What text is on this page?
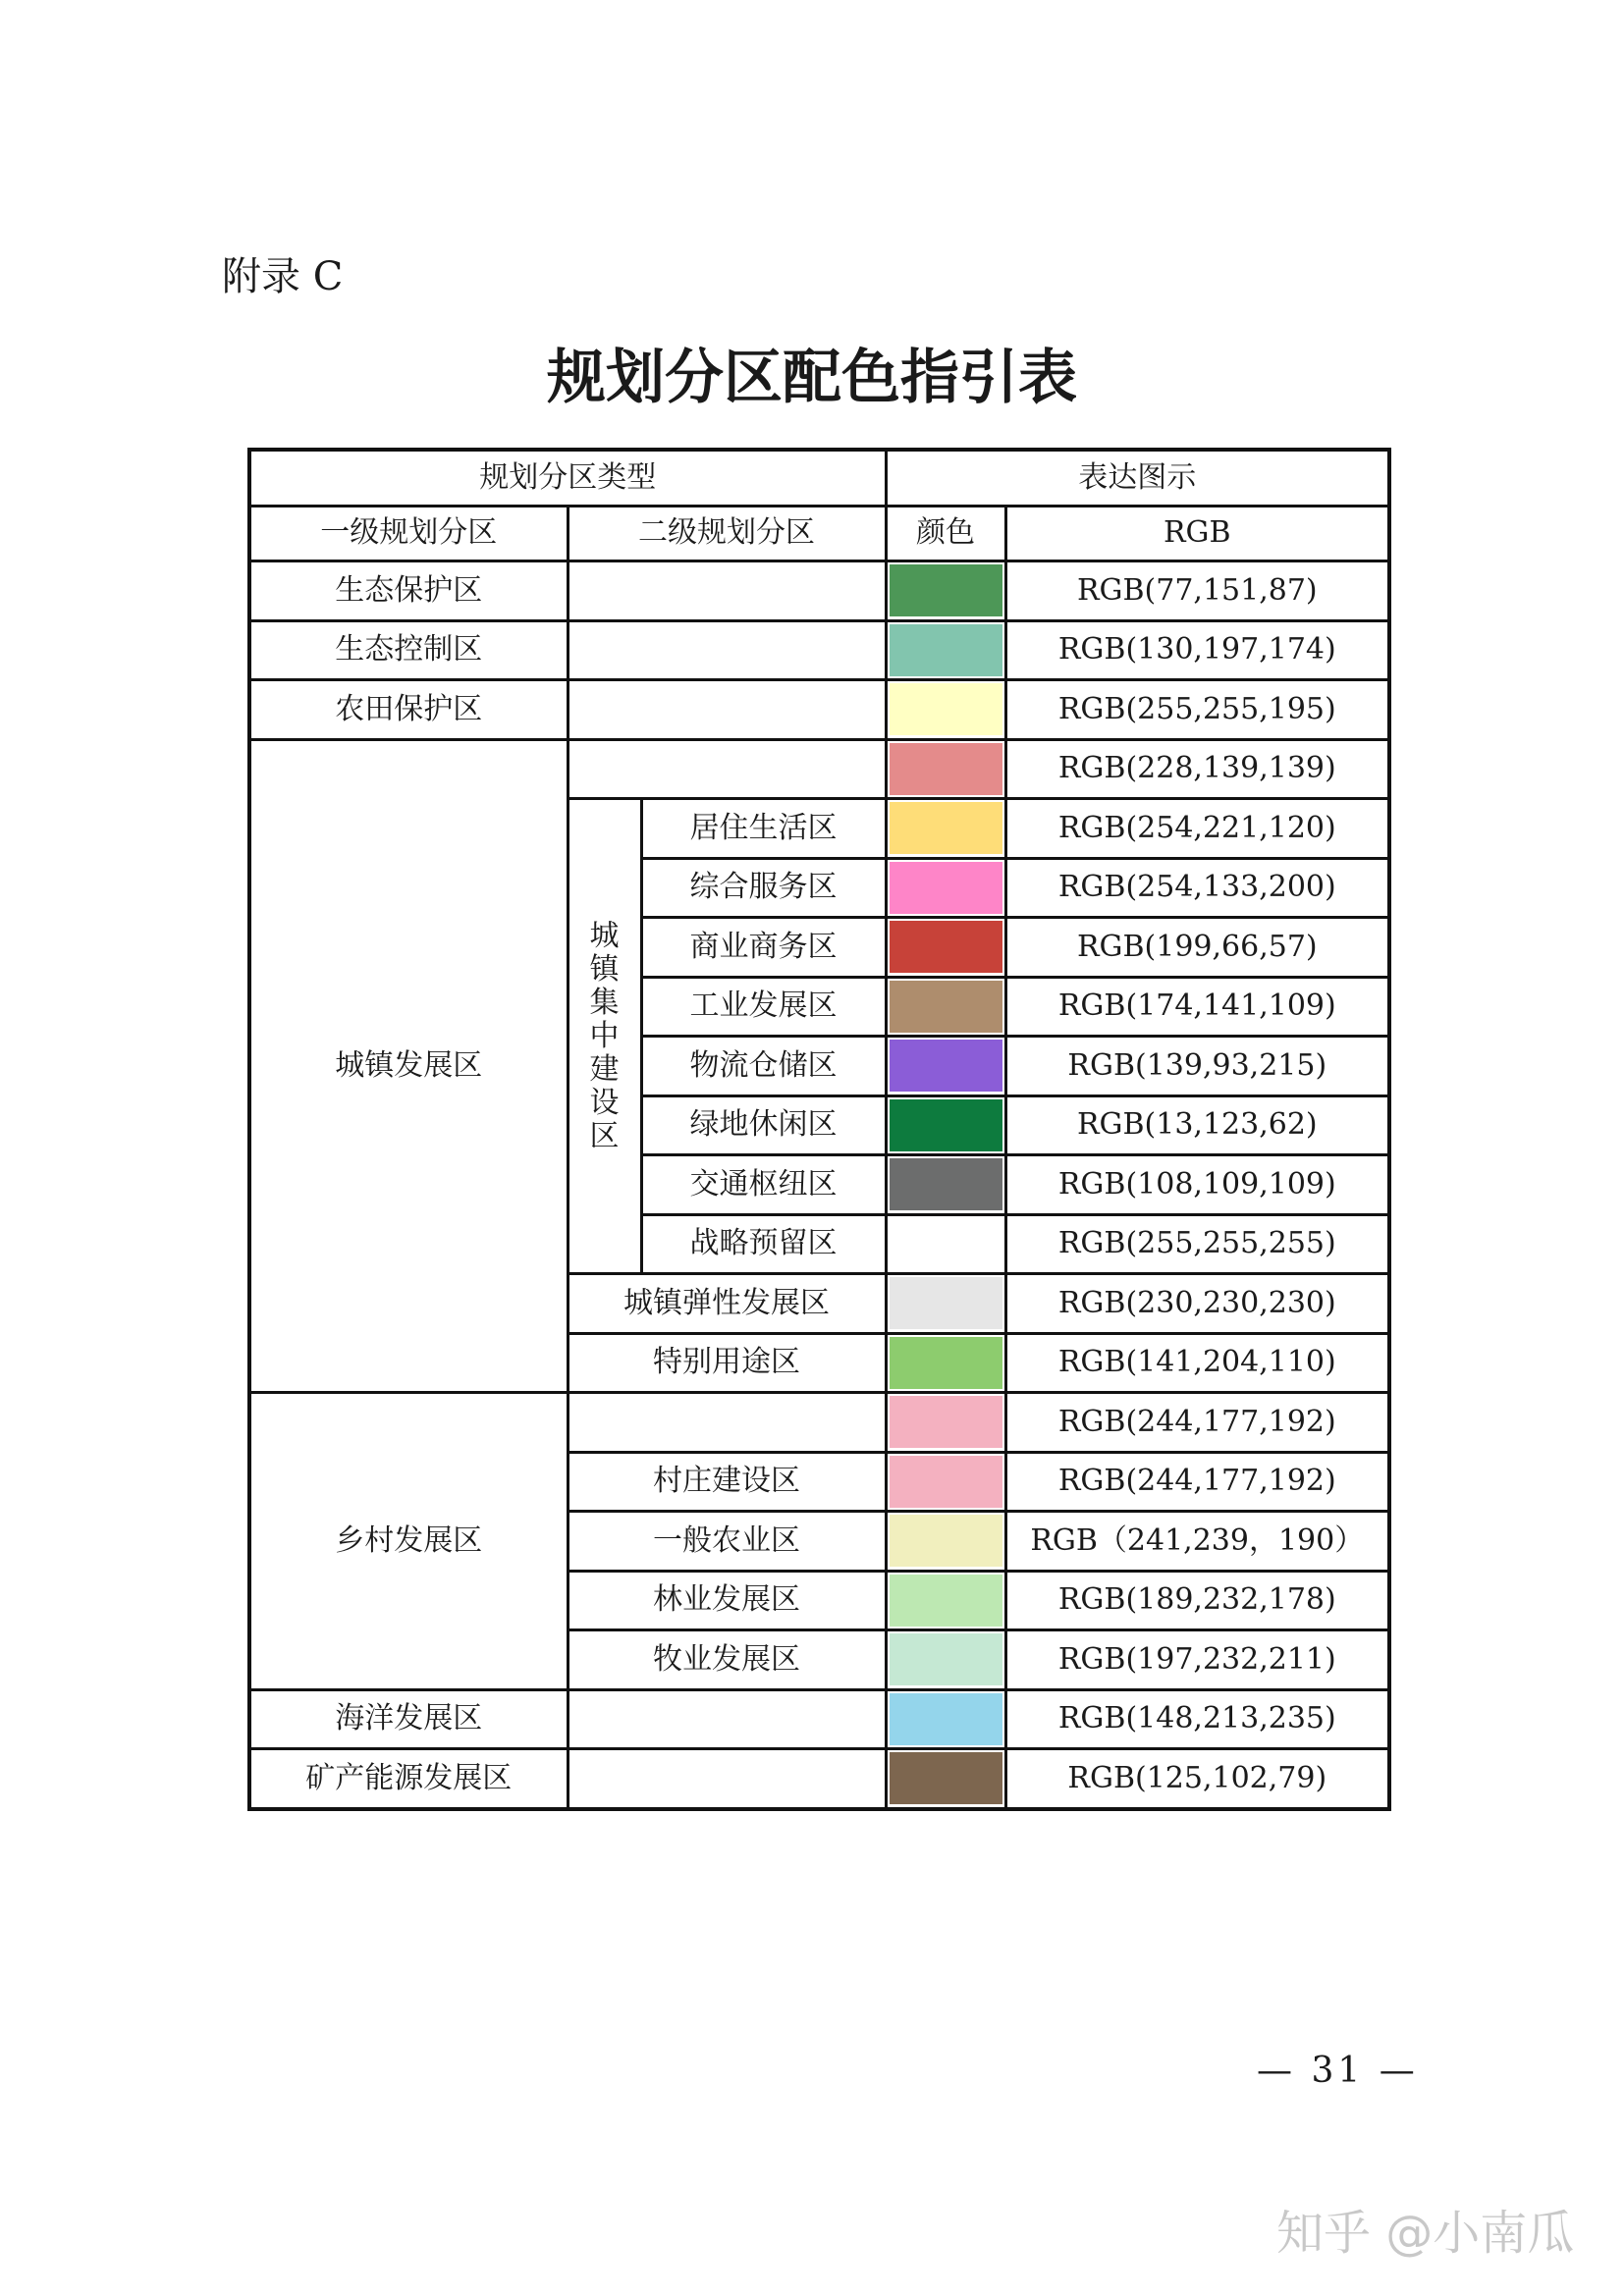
附录 C
规划分区配色指引表
规划分区类型			表达图示	
一级规划分区	二级规划分区		颜色	RGB
生态保护区				RGB(77,151,87)
生态控制区				RGB(130,197,174)
农田保护区				RGB(255,255,195)
城镇发展区				RGB(228,139,139)
	城镇集中建设区	居住生活区		RGB(254,221,120)
		综合服务区		RGB(254,133,200)
		商业商务区		RGB(199,66,57)
		工业发展区		RGB(174,141,109)
		物流仓储区		RGB(139,93,215)
		绿地休闲区		RGB(13,123,62)
		交通枢纽区		RGB(108,109,109)
		战略预留区		RGB(255,255,255)
	城镇弹性发展区			RGB(230,230,230)
	特别用途区			RGB(141,204,110)
乡村发展区				RGB(244,177,192)
	村庄建设区			RGB(244,177,192)
	一般农业区			RGB（241,239，190）
	林业发展区			RGB(189,232,178)
	牧业发展区			RGB(197,232,211)
海洋发展区				RGB(148,213,235)
矿产能源发展区				RGB(125,102,79)
— 31 —
知乎 @小南瓜
